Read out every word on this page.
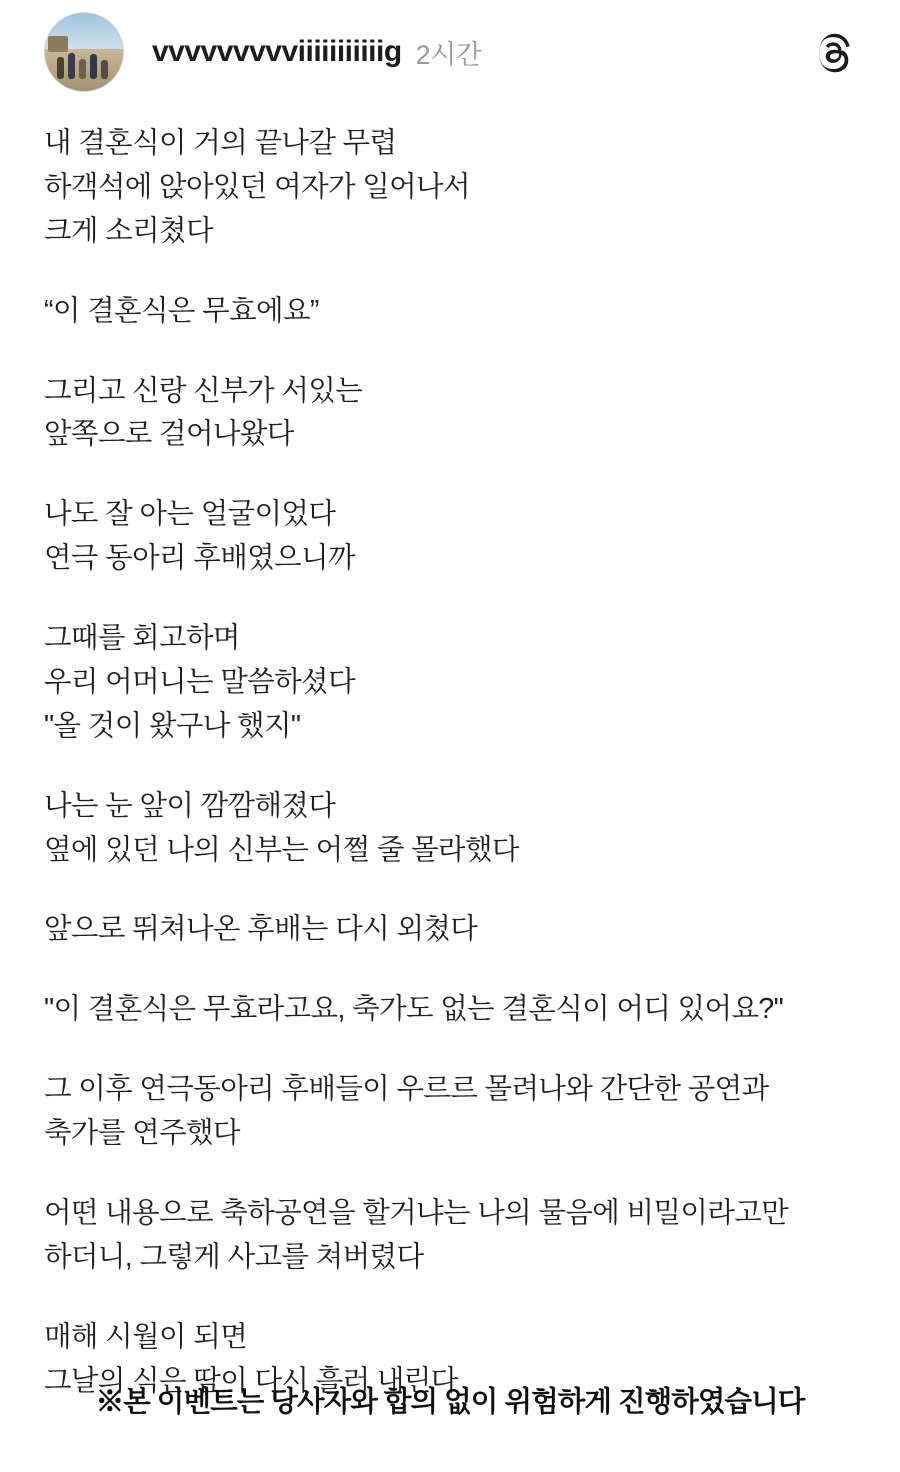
vvvvvvvvviiiiiiiiiiig 2시간

내 결혼식이 거의 끝나갈 무렵
하객석에 앉아있던 여자가 일어나서
크게 소리쳤다

“이 결혼식은 무효에요”

그리고 신랑 신부가 서있는
앞쪽으로 걸어나왔다

나도 잘 아는 얼굴이었다
연극 동아리 후배였으니까

그때를 회고하며
우리 어머니는 말씀하셨다
"올 것이 왔구나 했지"

나는 눈 앞이 깜깜해졌다
옆에 있던 나의 신부는 어쩔 줄 몰라했다

앞으로 뛰쳐나온 후배는 다시 외쳤다

"이 결혼식은 무효라고요, 축가도 없는 결혼식이 어디 있어요?"

그 이후 연극동아리 후배들이 우르르 몰려나와 간단한 공연과
축가를 연주했다

어떤 내용으로 축하공연을 할거냐는 나의 물음에 비밀이라고만
하더니, 그렇게 사고를 쳐버렸다

매해 시월이 되면
그날의 식은 땀이 다시 흘러 내린다

※본 이벤트는 당사자와 합의 없이 위험하게 진행하였습니다
